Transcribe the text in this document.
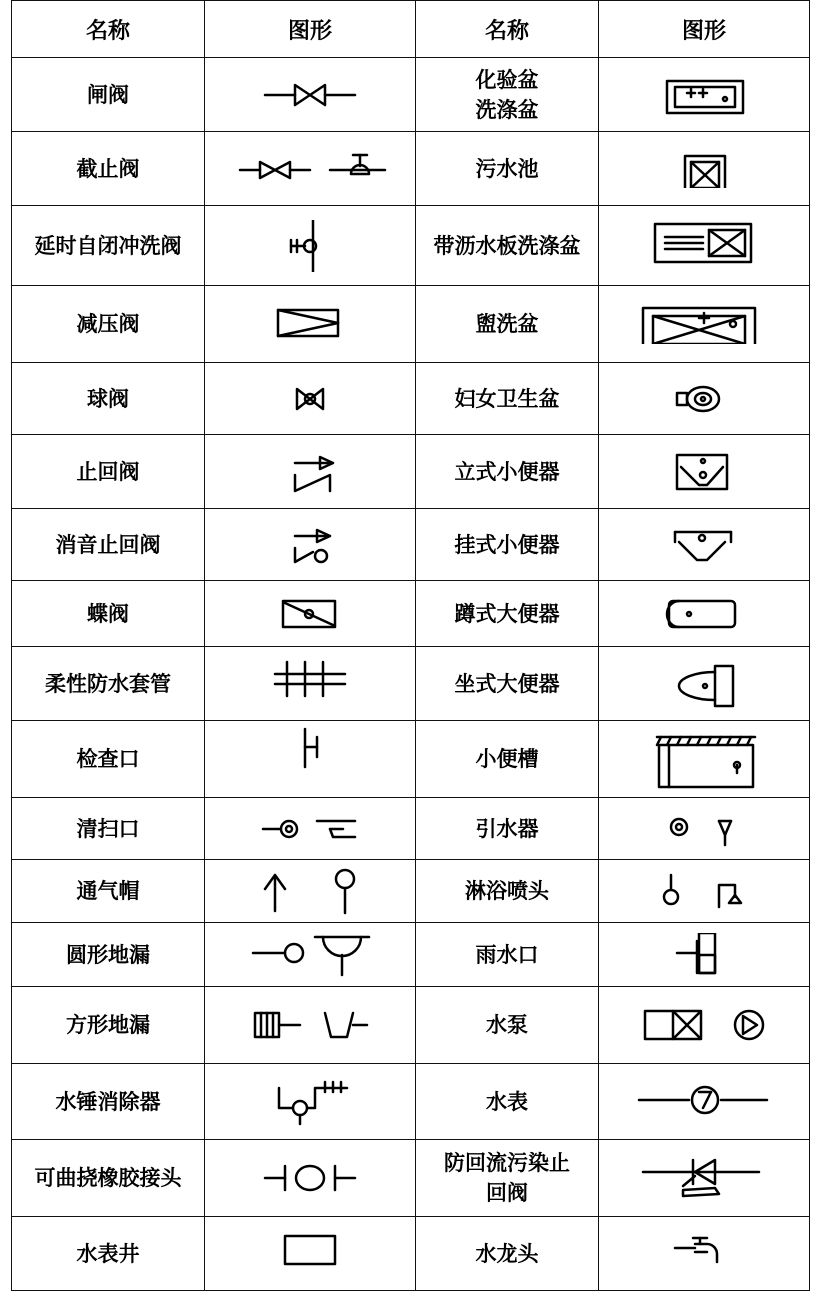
名称	图形	名称	图形
闸阀		化验盆
洗涤盆	

截止阀		污水池	

延时自闭冲洗阀		带沥水板洗涤盆	

减压阀		盥洗盆	

球阀		妇女卫生盆	

止回阀		立式小便器	

消音止回阀		挂式小便器	

蝶阀		蹲式大便器	

柔性防水套管		坐式大便器	

检查口		小便槽	

清扫口		引水器	

通气帽		淋浴喷头	

圆形地漏		雨水口	

方形地漏		水泵	

水锤消除器		水表	

可曲挠橡胶接头		防回流污染止
回阀	

水表井		水龙头	
